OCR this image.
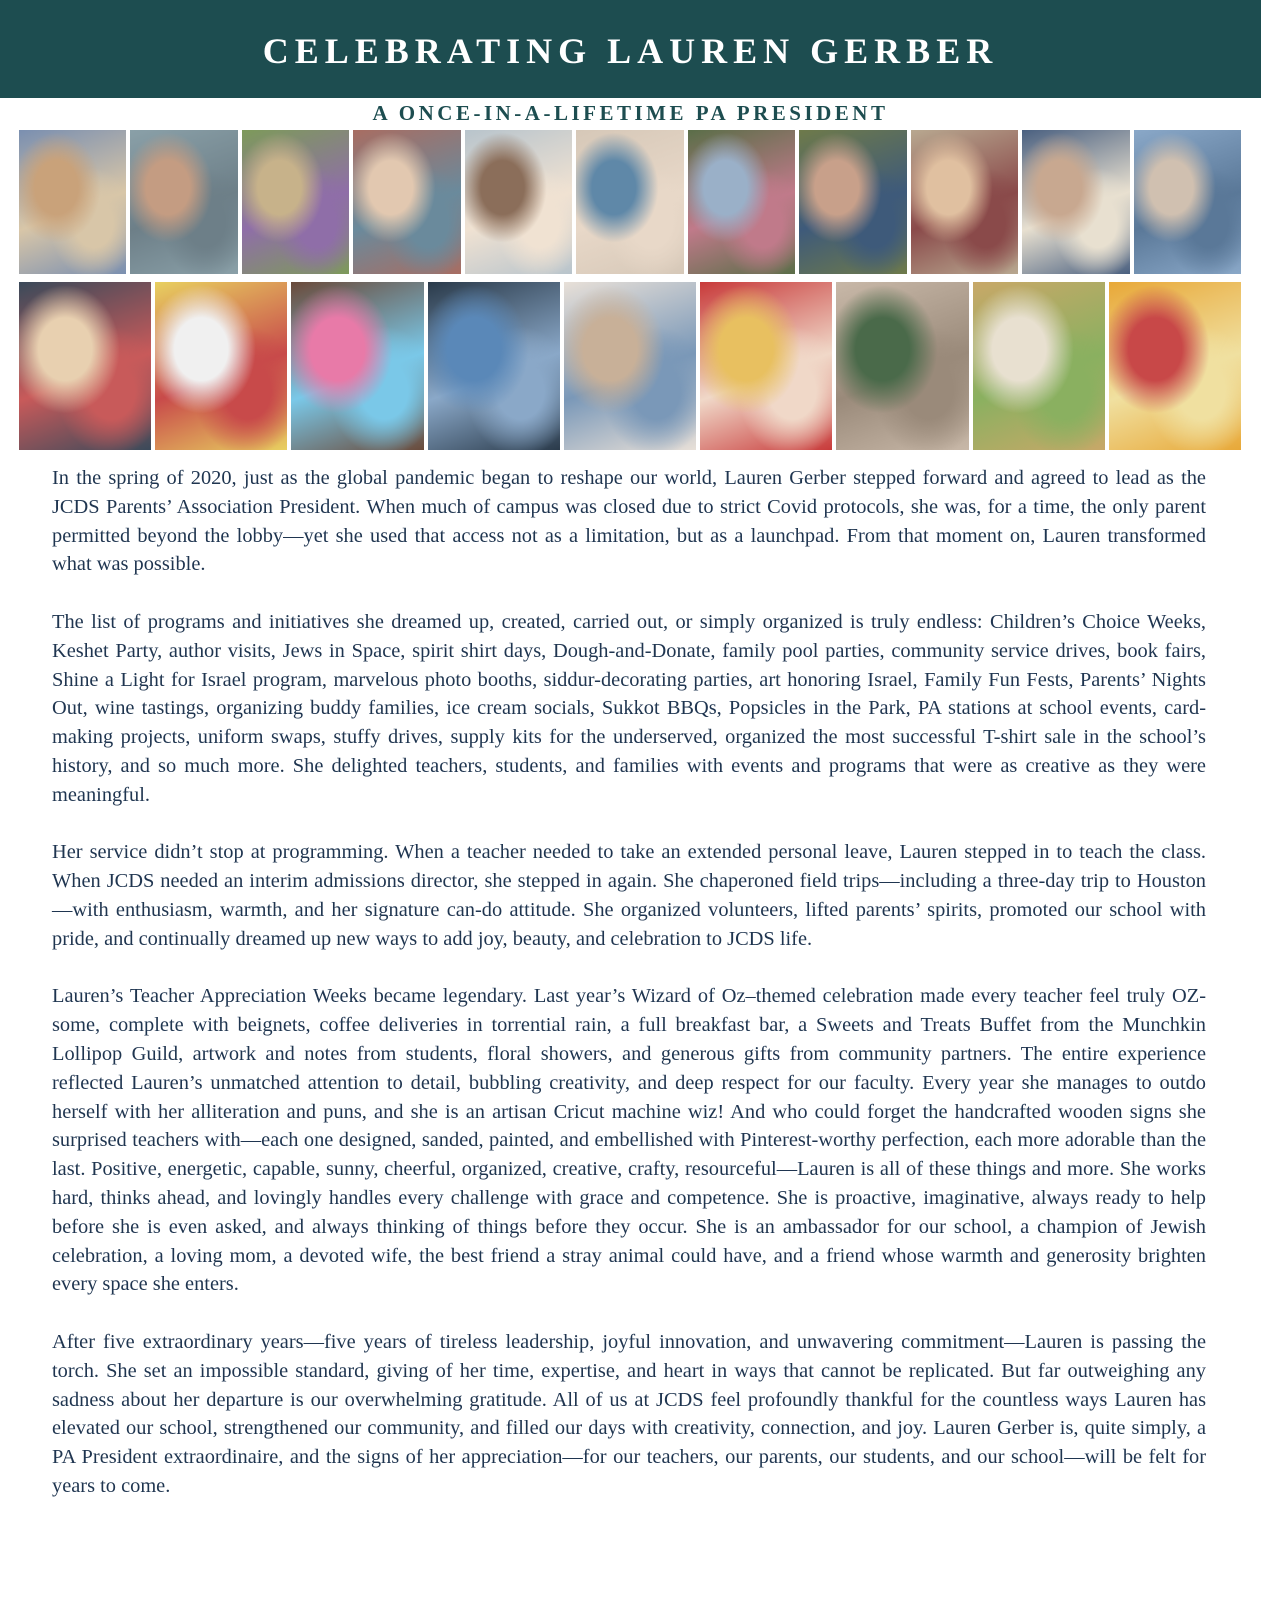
CELEBRATING LAUREN GERBER
A ONCE-IN-A-LIFETIME PA PRESIDENT

In the spring of 2020, just as the global pandemic began to reshape our world, Lauren Gerber stepped forward and agreed to lead as the JCDS Parents’ Association President. When much of campus was closed due to strict Covid protocols, she was, for a time, the only parent permitted beyond the lobby—yet she used that access not as a limitation, but as a launchpad. From that moment on, Lauren transformed what was possible.

The list of programs and initiatives she dreamed up, created, carried out, or simply organized is truly endless: Children’s Choice Weeks, Keshet Party, author visits, Jews in Space, spirit shirt days, Dough-and-Donate, family pool parties, community service drives, book fairs, Shine a Light for Israel program, marvelous photo booths, siddur-decorating parties, art honoring Israel, Family Fun Fests, Parents’ Nights Out, wine tastings, organizing buddy families, ice cream socials, Sukkot BBQs, Popsicles in the Park, PA stations at school events, card-making projects, uniform swaps, stuffy drives, supply kits for the underserved, organized the most successful T-shirt sale in the school’s history, and so much more. She delighted teachers, students, and families with events and programs that were as creative as they were meaningful.

Her service didn’t stop at programming. When a teacher needed to take an extended personal leave, Lauren stepped in to teach the class. When JCDS needed an interim admissions director, she stepped in again. She chaperoned field trips—including a three-day trip to Houston—with enthusiasm, warmth, and her signature can-do attitude. She organized volunteers, lifted parents’ spirits, promoted our school with pride, and continually dreamed up new ways to add joy, beauty, and celebration to JCDS life.

Lauren’s Teacher Appreciation Weeks became legendary. Last year’s Wizard of Oz–themed celebration made every teacher feel truly OZ-some, complete with beignets, coffee deliveries in torrential rain, a full breakfast bar, a Sweets and Treats Buffet from the Munchkin Lollipop Guild, artwork and notes from students, floral showers, and generous gifts from community partners. The entire experience reflected Lauren’s unmatched attention to detail, bubbling creativity, and deep respect for our faculty. Every year she manages to outdo herself with her alliteration and puns, and she is an artisan Cricut machine wiz! And who could forget the handcrafted wooden signs she surprised teachers with—each one designed, sanded, painted, and embellished with Pinterest-worthy perfection, each more adorable than the last. Positive, energetic, capable, sunny, cheerful, organized, creative, crafty, resourceful—Lauren is all of these things and more. She works hard, thinks ahead, and lovingly handles every challenge with grace and competence. She is proactive, imaginative, always ready to help before she is even asked, and always thinking of things before they occur. She is an ambassador for our school, a champion of Jewish celebration, a loving mom, a devoted wife, the best friend a stray animal could have, and a friend whose warmth and generosity brighten every space she enters.

After five extraordinary years—five years of tireless leadership, joyful innovation, and unwavering commitment—Lauren is passing the torch. She set an impossible standard, giving of her time, expertise, and heart in ways that cannot be replicated. But far outweighing any sadness about her departure is our overwhelming gratitude. All of us at JCDS feel profoundly thankful for the countless ways Lauren has elevated our school, strengthened our community, and filled our days with creativity, connection, and joy. Lauren Gerber is, quite simply, a PA President extraordinaire, and the signs of her appreciation—for our teachers, our parents, our students, and our school—will be felt for years to come.
